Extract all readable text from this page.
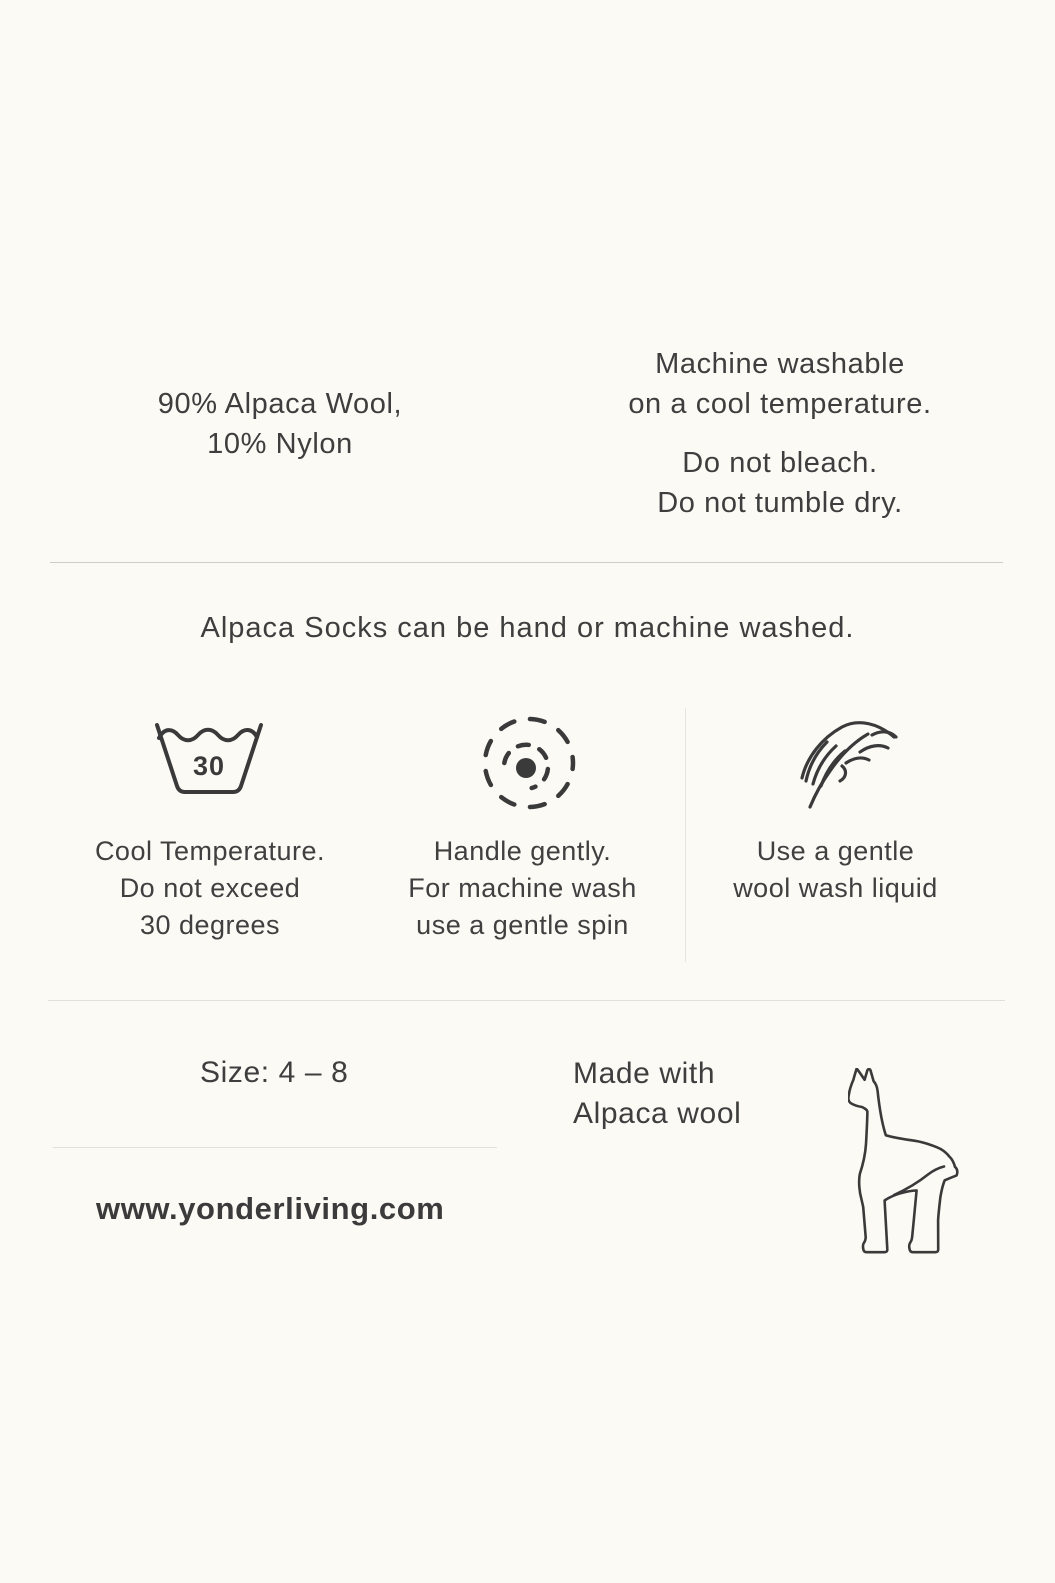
90% Alpaca Wool,
10% Nylon
Machine washable
on a cool temperature.
Do not bleach.
Do not tumble dry.
Alpaca Socks can be hand or machine washed.
30
Cool Temperature.
Do not exceed
30 degrees
Handle gently.
For machine wash
use a gentle spin
Use a gentle
wool wash liquid
Size: 4 – 8	Made with
Alpaca wool
www.yonderliving.com
